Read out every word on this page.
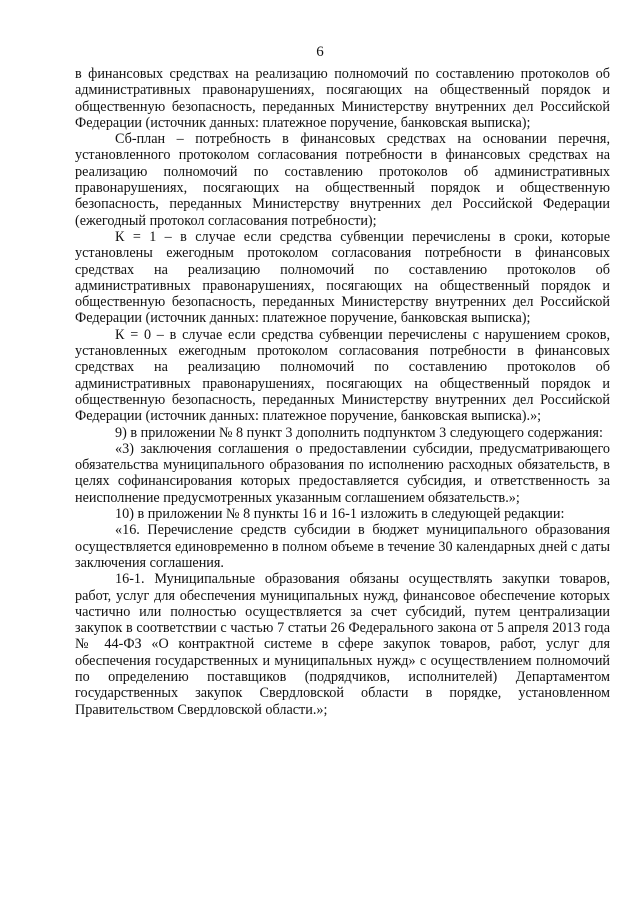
6

в финансовых средствах на реализацию полномочий по составлению протоколов об административных правонарушениях, посягающих на общественный порядок и общественную безопасность, переданных Министерству внутренних дел Российской Федерации (источник данных: платежное поручение, банковская выписка);

Сб-план – потребность в финансовых средствах на основании перечня, установленного протоколом согласования потребности в финансовых средствах на реализацию полномочий по составлению протоколов об административных правонарушениях, посягающих на общественный порядок и общественную безопасность, переданных Министерству внутренних дел Российской Федерации (ежегодный протокол согласования потребности);

К = 1 – в случае если средства субвенции перечислены в сроки, которые установлены ежегодным протоколом согласования потребности в финансовых средствах на реализацию полномочий по составлению протоколов об административных правонарушениях, посягающих на общественный порядок и общественную безопасность, переданных Министерству внутренних дел Российской Федерации (источник данных: платежное поручение, банковская выписка);

К = 0 – в случае если средства субвенции перечислены с нарушением сроков, установленных ежегодным протоколом согласования потребности в финансовых средствах на реализацию полномочий по составлению протоколов об административных правонарушениях, посягающих на общественный порядок и общественную безопасность, переданных Министерству внутренних дел Российской Федерации (источник данных: платежное поручение, банковская выписка).»;

9) в приложении № 8 пункт 3 дополнить подпунктом 3 следующего содержания:

«3) заключения соглашения о предоставлении субсидии, предусматривающего обязательства муниципального образования по исполнению расходных обязательств, в целях софинансирования которых предоставляется субсидия, и ответственность за неисполнение предусмотренных указанным соглашением обязательств.»;

10) в приложении № 8 пункты 16 и 16-1 изложить в следующей редакции:

«16. Перечисление средств субсидии в бюджет муниципального образования осуществляется единовременно в полном объеме в течение 30 календарных дней с даты заключения соглашения.

16-1. Муниципальные образования обязаны осуществлять закупки товаров, работ, услуг для обеспечения муниципальных нужд, финансовое обеспечение которых частично или полностью осуществляется за счет субсидий, путем централизации закупок в соответствии с частью 7 статьи 26 Федерального закона от 5 апреля 2013 года № 44-ФЗ «О контрактной системе в сфере закупок товаров, работ, услуг для обеспечения государственных и муниципальных нужд» с осуществлением полномочий по определению поставщиков (подрядчиков, исполнителей) Департаментом государственных закупок Свердловской области в порядке, установленном Правительством Свердловской области.»;
